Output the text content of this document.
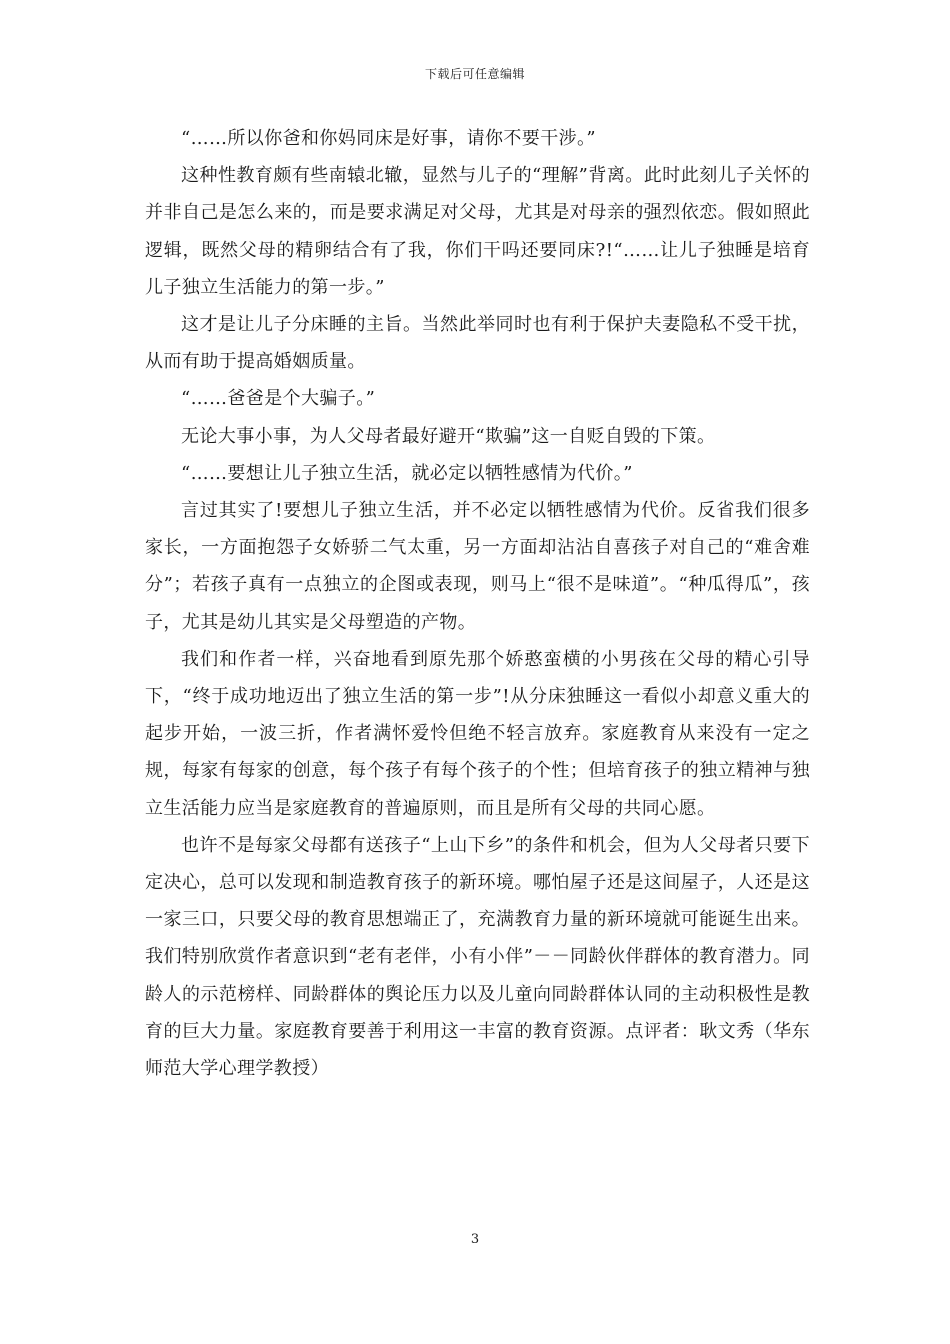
下载后可任意编辑

“……所以你爸和你妈同床是好事，请你不要干涉。”

这种性教育颇有些南辕北辙，显然与儿子的“理解”背离。此时此刻儿子关怀的并非自己是怎么来的，而是要求满足对父母，尤其是对母亲的强烈依恋。假如照此逻辑，既然父母的精卵结合有了我，你们干吗还要同床?!“……让儿子独睡是培育儿子独立生活能力的第一步。”

这才是让儿子分床睡的主旨。当然此举同时也有利于保护夫妻隐私不受干扰，从而有助于提高婚姻质量。

“……爸爸是个大骗子。”

无论大事小事，为人父母者最好避开“欺骗”这一自贬自毁的下策。

“……要想让儿子独立生活，就必定以牺牲感情为代价。”

言过其实了!要想儿子独立生活，并不必定以牺牲感情为代价。反省我们很多家长，一方面抱怨子女娇骄二气太重，另一方面却沾沾自喜孩子对自己的“难舍难分”；若孩子真有一点独立的企图或表现，则马上“很不是味道”。“种瓜得瓜”，孩子，尤其是幼儿其实是父母塑造的产物。

我们和作者一样，兴奋地看到原先那个娇憨蛮横的小男孩在父母的精心引导下，“终于成功地迈出了独立生活的第一步”!从分床独睡这一看似小却意义重大的起步开始，一波三折，作者满怀爱怜但绝不轻言放弃。家庭教育从来没有一定之规，每家有每家的创意，每个孩子有每个孩子的个性；但培育孩子的独立精神与独立生活能力应当是家庭教育的普遍原则，而且是所有父母的共同心愿。

也许不是每家父母都有送孩子“上山下乡”的条件和机会，但为人父母者只要下定决心，总可以发现和制造教育孩子的新环境。哪怕屋子还是这间屋子，人还是这一家三口，只要父母的教育思想端正了，充满教育力量的新环境就可能诞生出来。我们特别欣赏作者意识到“老有老伴，小有小伴”－－同龄伙伴群体的教育潜力。同龄人的示范榜样、同龄群体的舆论压力以及儿童向同龄群体认同的主动积极性是教育的巨大力量。家庭教育要善于利用这一丰富的教育资源。点评者：耿文秀（华东师范大学心理学教授）

3
